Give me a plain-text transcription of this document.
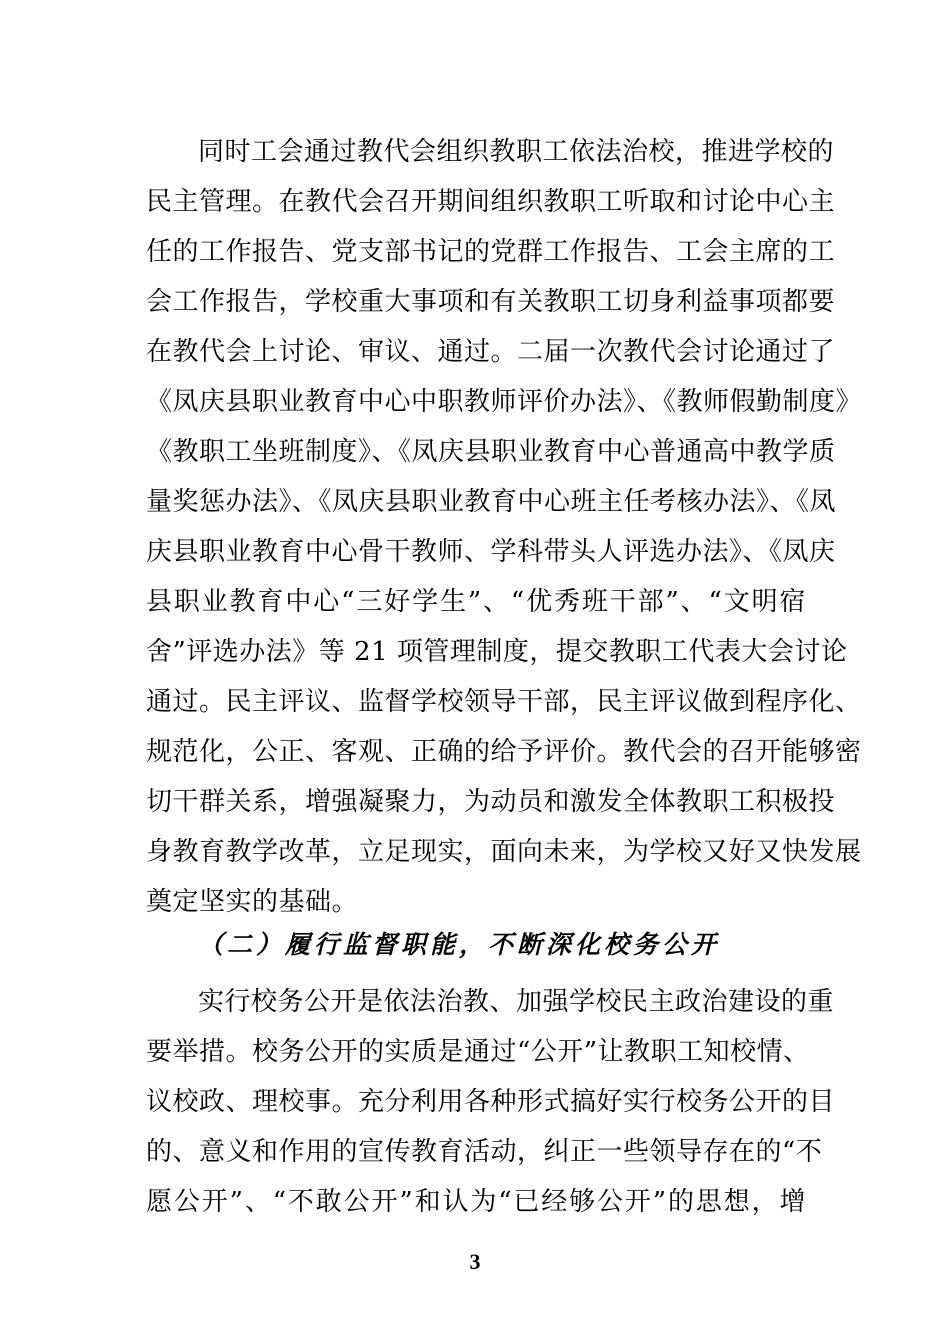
同时工会通过教代会组织教职工依法治校，推进学校的
民主管理。在教代会召开期间组织教职工听取和讨论中心主
任的工作报告、党支部书记的党群工作报告、工会主席的工
会工作报告，学校重大事项和有关教职工切身利益事项都要
在教代会上讨论、审议、通过。二届一次教代会讨论通过了
《凤庆县职业教育中心中职教师评价办法》、《教师假勤制度》
《教职工坐班制度》、《凤庆县职业教育中心普通高中教学质
量奖惩办法》、《凤庆县职业教育中心班主任考核办法》、《凤
庆县职业教育中心骨干教师、学科带头人评选办法》、《凤庆
县职业教育中心“三好学生”、“优秀班干部”、“文明宿
舍”评选办法》等 21 项管理制度，提交教职工代表大会讨论
通过。民主评议、监督学校领导干部，民主评议做到程序化、
规范化，公正、客观、正确的给予评价。教代会的召开能够密
切干群关系，增强凝聚力，为动员和激发全体教职工积极投
身教育教学改革，立足现实，面向未来，为学校又好又快发展
奠定坚实的基础。
（二）履行监督职能，不断深化校务公开
实行校务公开是依法治教、加强学校民主政治建设的重
要举措。校务公开的实质是通过“公开”让教职工知校情、
议校政、理校事。充分利用各种形式搞好实行校务公开的目
的、意义和作用的宣传教育活动，纠正一些领导存在的“不
愿公开”、“不敢公开”和认为“已经够公开”的思想，增
3
